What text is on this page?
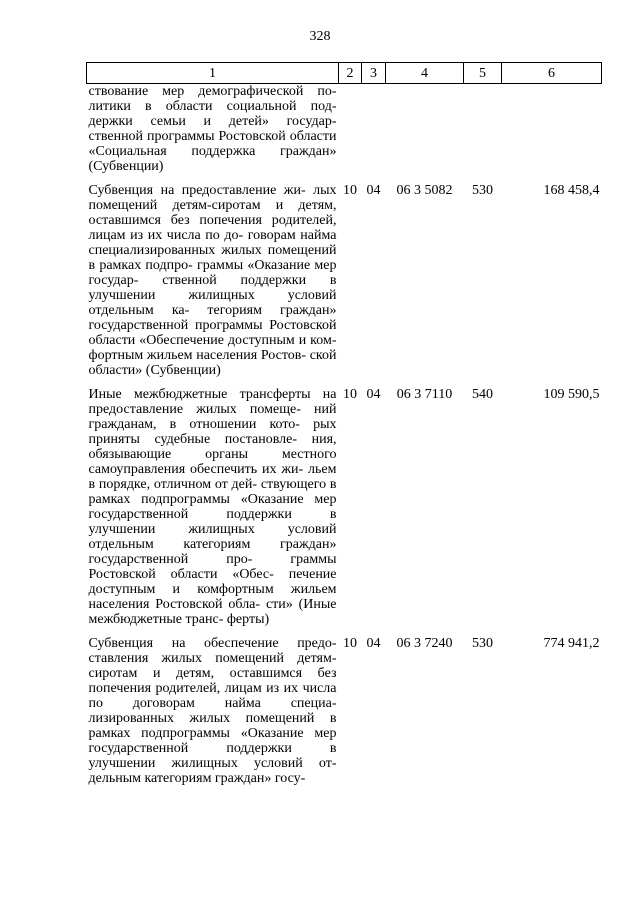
328
1	2	3	4	5	6
ствование мер демографической по- литики в области социальной под- держки семьи и детей» государ- ственной программы Ростовской области «Социальная поддержка граждан» (Субвенции)					
Субвенция на предоставление жи- лых помещений детям-сиротам и детям, оставшимся без попечения родителей, лицам из их числа по до- говорам найма специализированных жилых помещений в рамках подпро- граммы «Оказание мер государ- ственной поддержки в улучшении жилищных условий отдельным ка- тегориям граждан» государственной программы Ростовской области «Обеспечение доступным и ком- фортным жильем населения Ростов- ской области» (Субвенции)	10	04	06 3 5082	530	168 458,4
Иные межбюджетные трансферты на предоставление жилых помеще- ний гражданам, в отношении кото- рых приняты судебные постановле- ния, обязывающие органы местного самоуправления обеспечить их жи- льем в порядке, отличном от дей- ствующего в рамках подпрограммы «Оказание мер государственной поддержки в улучшении жилищных условий отдельным категориям граждан» государственной про- граммы Ростовской области «Обес- печение доступным и комфортным жильем населения Ростовской обла- сти» (Иные межбюджетные транс- ферты)	10	04	06 3 7110	540	109 590,5
Субвенция на обеспечение предо- ставления жилых помещений детям- сиротам и детям, оставшимся без попечения родителей, лицам из их числа по договорам найма специа- лизированных жилых помещений в рамках подпрограммы «Оказание мер государственной поддержки в улучшении жилищных условий от- дельным категориям граждан» госу-	10	04	06 3 7240	530	774 941,2
